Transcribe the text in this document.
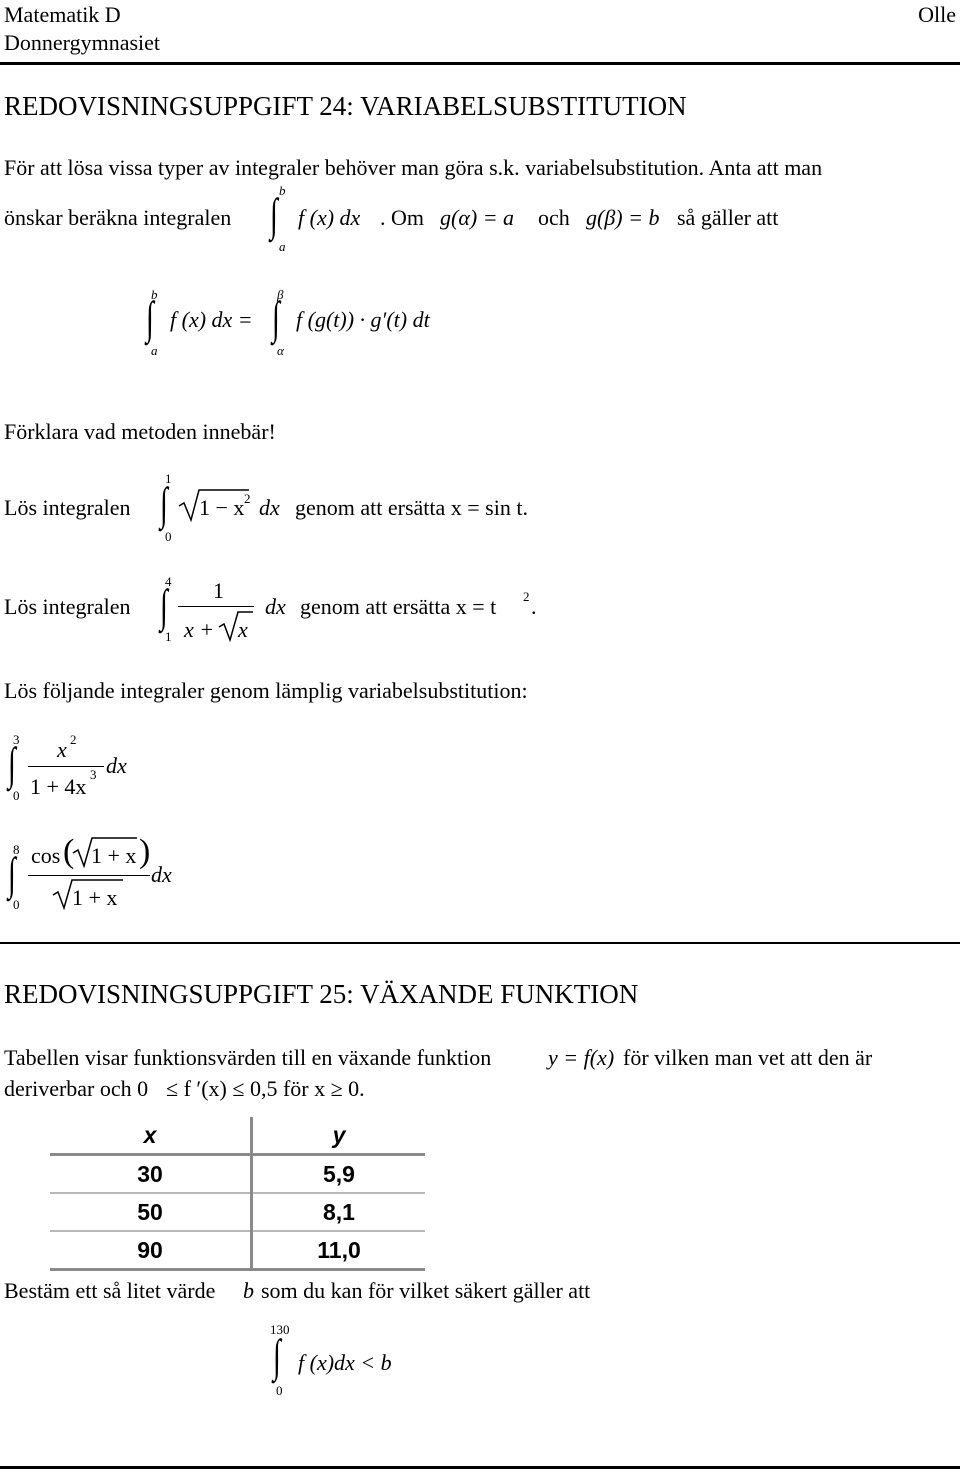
Matematik D
Donnergymnasiet
Olle
REDOVISNINGSUPPGIFT 24: VARIABELSUBSTITUTION
För att lösa vissa typer av integraler behöver man göra s.k. variabelsubstitution. Anta att man
önskar beräkna integralen
b
∫
a
f (x) dx . Om g(α) = a och g(β) = b så gäller att
b
∫
a
f (x) dx =
β
∫
α
f (g(t)) · g′(t) dt
Förklara vad metoden innebär!
Lös integralen
1
∫
0
1 − x 2 dx genom att ersätta x = sin t.
Lös integralen
4
∫
1
1
x + x
dx genom att ersätta x = t 2 .
Lös följande integraler genom lämplig variabelsubstitution:
3
∫
0
x 2
1 + 4x 3 dx
8
∫
0
cos ( 1 + x )
1 + x
dx
REDOVISNINGSUPPGIFT 25: VÄXANDE FUNKTION
Tabellen visar funktionsvärden till en växande funktion	y = f(x) för vilken man vet att den är
deriverbar och 0 ≤ f ′(x) ≤ 0,5 för x ≥ 0.
x	y
30	5,9
50	8,1
90	11,0
Bestäm ett så litet värde b som du kan för vilket säkert gäller att
130
∫
0
f (x)dx < b
